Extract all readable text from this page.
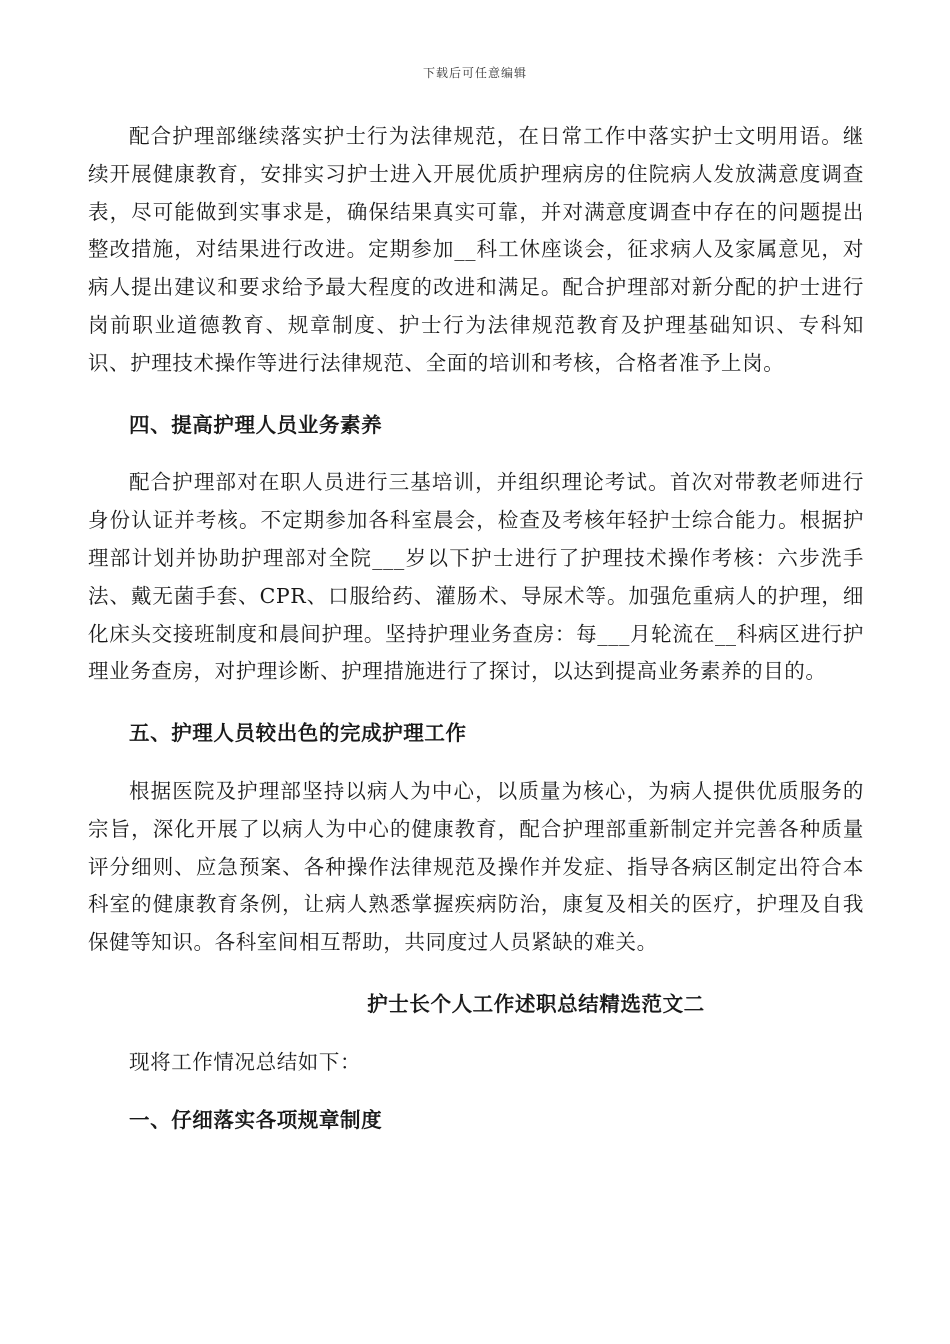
下载后可任意编辑

配合护理部继续落实护士行为法律规范，在日常工作中落实护士文明用语。继续开展健康教育，安排实习护士进入开展优质护理病房的住院病人发放满意度调查表，尽可能做到实事求是，确保结果真实可靠，并对满意度调查中存在的问题提出整改措施，对结果进行改进。定期参加__科工休座谈会，征求病人及家属意见，对病人提出建议和要求给予最大程度的改进和满足。配合护理部对新分配的护士进行岗前职业道德教育、规章制度、护士行为法律规范教育及护理基础知识、专科知识、护理技术操作等进行法律规范、全面的培训和考核，合格者准予上岗。

四、提高护理人员业务素养

配合护理部对在职人员进行三基培训，并组织理论考试。首次对带教老师进行身份认证并考核。不定期参加各科室晨会，检查及考核年轻护士综合能力。根据护理部计划并协助护理部对全院___岁以下护士进行了护理技术操作考核：六步洗手法、戴无菌手套、CPR、口服给药、灌肠术、导尿术等。加强危重病人的护理，细化床头交接班制度和晨间护理。坚持护理业务查房：每___月轮流在__科病区进行护理业务查房，对护理诊断、护理措施进行了探讨，以达到提高业务素养的目的。

五、护理人员较出色的完成护理工作

根据医院及护理部坚持以病人为中心，以质量为核心，为病人提供优质服务的宗旨，深化开展了以病人为中心的健康教育，配合护理部重新制定并完善各种质量评分细则、应急预案、各种操作法律规范及操作并发症、指导各病区制定出符合本科室的健康教育条例，让病人熟悉掌握疾病防治，康复及相关的医疗，护理及自我保健等知识。各科室间相互帮助，共同度过人员紧缺的难关。

护士长个人工作述职总结精选范文二

现将工作情况总结如下：

一、仔细落实各项规章制度
